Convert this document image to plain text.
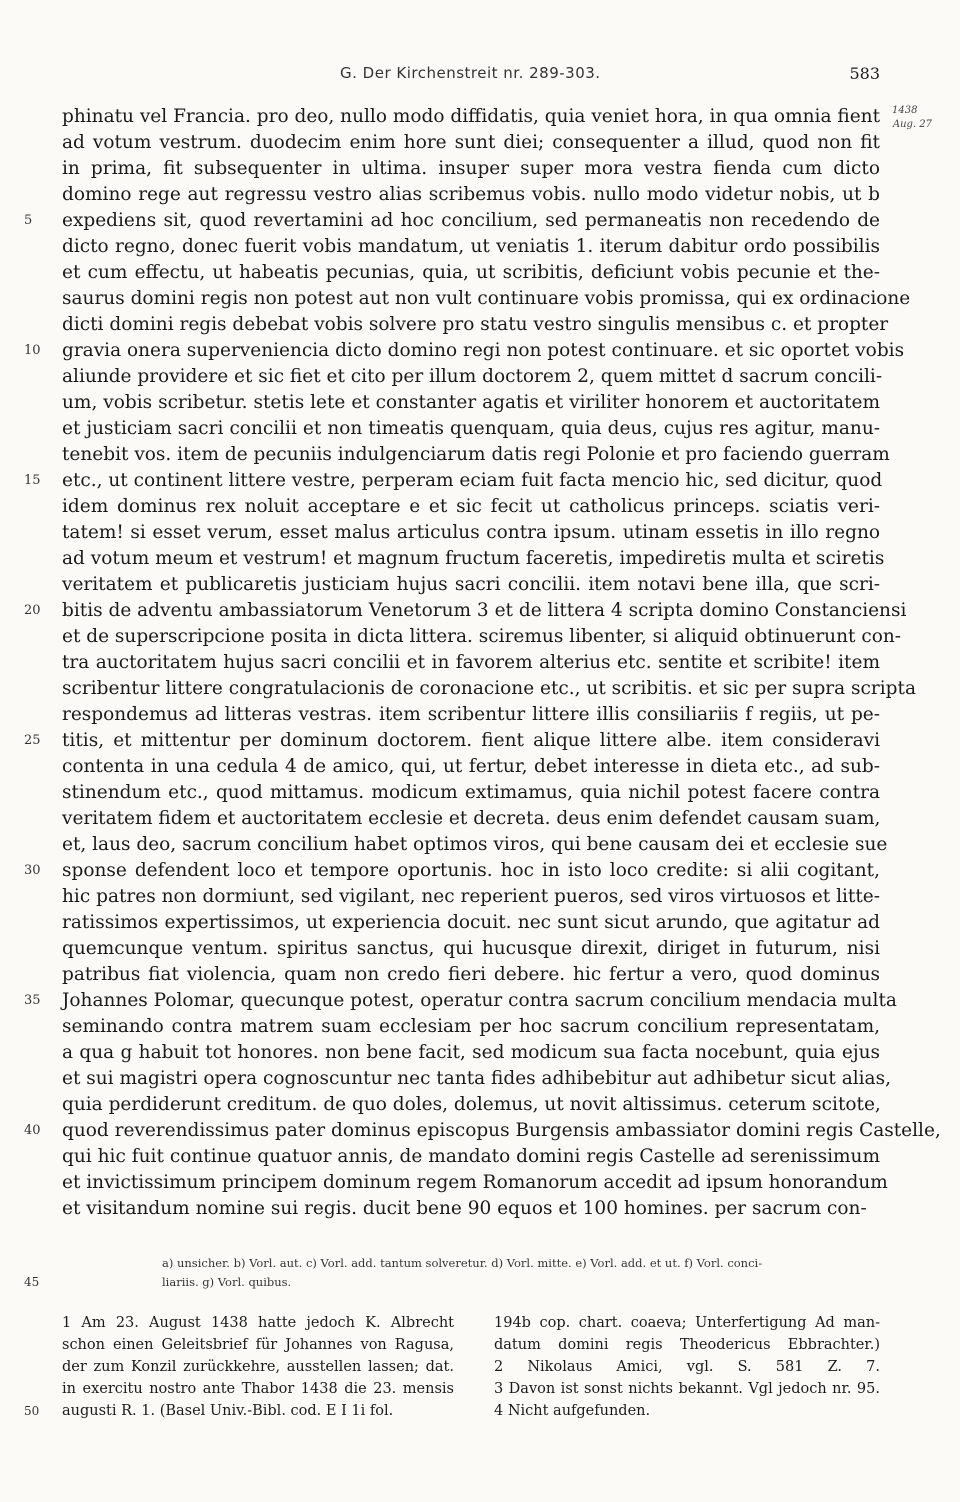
G. Der Kirchenstreit nr. 289-303.	583
1438
Aug. 27
phinatu vel Francia. pro deo, nullo modo diffidatis, quia veniet hora, in qua omnia fient
ad votum vestrum. duodecim enim hore sunt diei; consequenter a illud, quod non fit
in prima, fit subsequenter in ultima. insuper super mora vestra fienda cum dicto
domino rege aut regressu vestro alias scribemus vobis. nullo modo videtur nobis, ut b
5	expediens sit, quod revertamini ad hoc concilium, sed permaneatis non recedendo de
dicto regno, donec fuerit vobis mandatum, ut veniatis 1. iterum dabitur ordo possibilis
et cum effectu, ut habeatis pecunias, quia, ut scribitis, deficiunt vobis pecunie et the-
saurus domini regis non potest aut non vult continuare vobis promissa, qui ex ordinacione
dicti domini regis debebat vobis solvere pro statu vestro singulis mensibus c. et propter
10	gravia onera superveniencia dicto domino regi non potest continuare. et sic oportet vobis
aliunde providere et sic fiet et cito per illum doctorem 2, quem mittet d sacrum concili-
um, vobis scribetur. stetis lete et constanter agatis et viriliter honorem et auctoritatem
et justiciam sacri concilii et non timeatis quenquam, quia deus, cujus res agitur, manu-
tenebit vos. item de pecuniis indulgenciarum datis regi Polonie et pro faciendo guerram
15	etc., ut continent littere vestre, perperam eciam fuit facta mencio hic, sed dicitur, quod
idem dominus rex noluit acceptare e et sic fecit ut catholicus princeps. sciatis veri-
tatem! si esset verum, esset malus articulus contra ipsum. utinam essetis in illo regno
ad votum meum et vestrum! et magnum fructum faceretis, impediretis multa et sciretis
veritatem et publicaretis justiciam hujus sacri concilii. item notavi bene illa, que scri-
20	bitis de adventu ambassiatorum Venetorum 3 et de littera 4 scripta domino Constanciensi
et de superscripcione posita in dicta littera. sciremus libenter, si aliquid obtinuerunt con-
tra auctoritatem hujus sacri concilii et in favorem alterius etc. sentite et scribite! item
scribentur littere congratulacionis de coronacione etc., ut scribitis. et sic per supra scripta
respondemus ad litteras vestras. item scribentur littere illis consiliariis f regiis, ut pe-
25	titis, et mittentur per dominum doctorem. fient alique littere albe. item consideravi
contenta in una cedula 4 de amico, qui, ut fertur, debet interesse in dieta etc., ad sub-
stinendum etc., quod mittamus. modicum extimamus, quia nichil potest facere contra
veritatem fidem et auctoritatem ecclesie et decreta. deus enim defendet causam suam,
et, laus deo, sacrum concilium habet optimos viros, qui bene causam dei et ecclesie sue
30	sponse defendent loco et tempore oportunis. hoc in isto loco credite: si alii cogitant,
hic patres non dormiunt, sed vigilant, nec reperient pueros, sed viros virtuosos et litte-
ratissimos expertissimos, ut experiencia docuit. nec sunt sicut arundo, que agitatur ad
quemcunque ventum. spiritus sanctus, qui hucusque direxit, diriget in futurum, nisi
patribus fiat violencia, quam non credo fieri debere. hic fertur a vero, quod dominus
35	Johannes Polomar, quecunque potest, operatur contra sacrum concilium mendacia multa
seminando contra matrem suam ecclesiam per hoc sacrum concilium representatam,
a qua g habuit tot honores. non bene facit, sed modicum sua facta nocebunt, quia ejus
et sui magistri opera cognoscuntur nec tanta fides adhibebitur aut adhibetur sicut alias,
quia perdiderunt creditum. de quo doles, dolemus, ut novit altissimus. ceterum scitote,
40	quod reverendissimus pater dominus episcopus Burgensis ambassiator domini regis Castelle,
qui hic fuit continue quatuor annis, de mandato domini regis Castelle ad serenissimum
et invictissimum principem dominum regem Romanorum accedit ad ipsum honorandum
et visitandum nomine sui regis. ducit bene 90 equos et 100 homines. per sacrum con-
a) unsicher. b) Vorl. aut. c) Vorl. add. tantum solveretur. d) Vorl. mitte. e) Vorl. add. et ut. f) Vorl. conci-
45	liariis. g) Vorl. quibus.
1 Am 23. August 1438 hatte jedoch K. Albrecht
schon einen Geleitsbrief für Johannes von Ragusa,
der zum Konzil zurückkehre, ausstellen lassen; dat.
in exercitu nostro ante Thabor 1438 die 23. mensis
50	augusti R. 1. (Basel Univ.-Bibl. cod. E I 1i fol.
194b cop. chart. coaeva; Unterfertigung Ad man-
datum domini regis Theodericus Ebbrachter.)
2 Nikolaus Amici, vgl. S. 581 Z. 7.
3 Davon ist sonst nichts bekannt. Vgl jedoch nr. 95.
4 Nicht aufgefunden.
